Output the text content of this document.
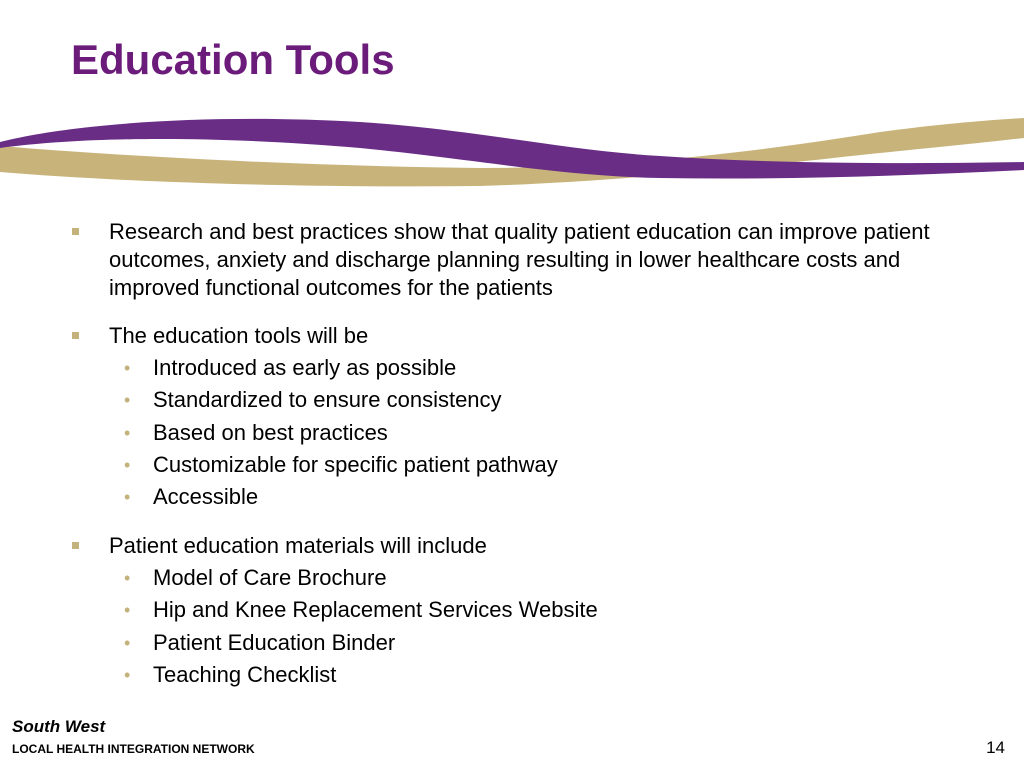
Education Tools
Research and best practices show that quality patient education can improve patient outcomes, anxiety and discharge planning resulting in lower healthcare costs and improved functional outcomes for the patients
The education tools will be
• Introduced as early as possible
• Standardized to ensure consistency
• Based on best practices
• Customizable for specific patient pathway
• Accessible
Patient education materials will include
• Model of Care Brochure
• Hip and Knee Replacement Services Website
• Patient Education Binder
• Teaching Checklist
South West
LOCAL HEALTH INTEGRATION NETWORK	14
